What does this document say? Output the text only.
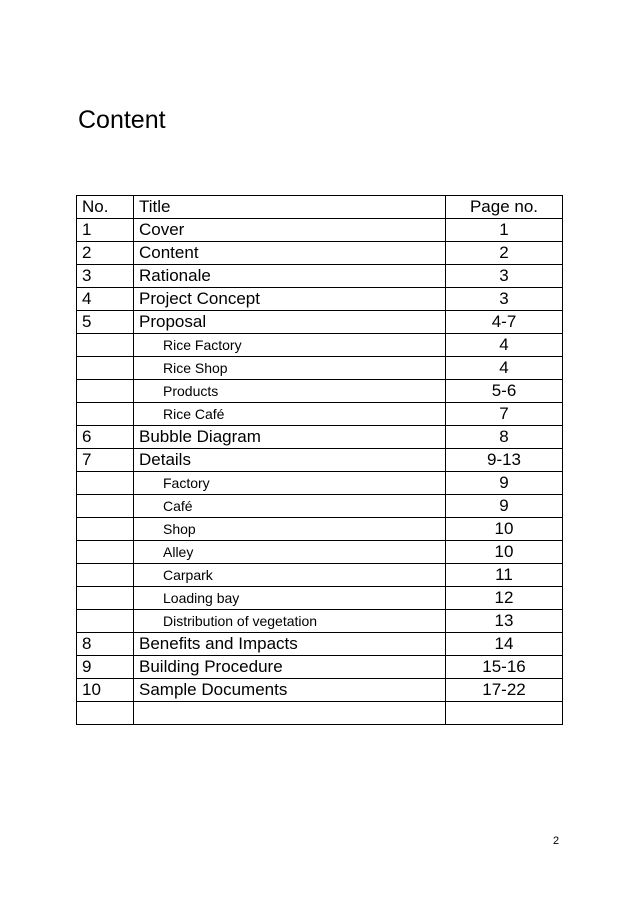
Content
No.	Title	Page no.
1	Cover	1
2	Content	2
3	Rationale	3
4	Project Concept	3
5	Proposal	4-7
	Rice Factory	4
	Rice Shop	4
	Products	5-6
	Rice Café	7
6	Bubble Diagram	8
7	Details	9-13
	Factory	9
	Café	9
	Shop	10
	Alley	10
	Carpark	11
	Loading bay	12
	Distribution of vegetation	13
8	Benefits and Impacts	14
9	Building Procedure	15-16
10	Sample Documents	17-22

2
